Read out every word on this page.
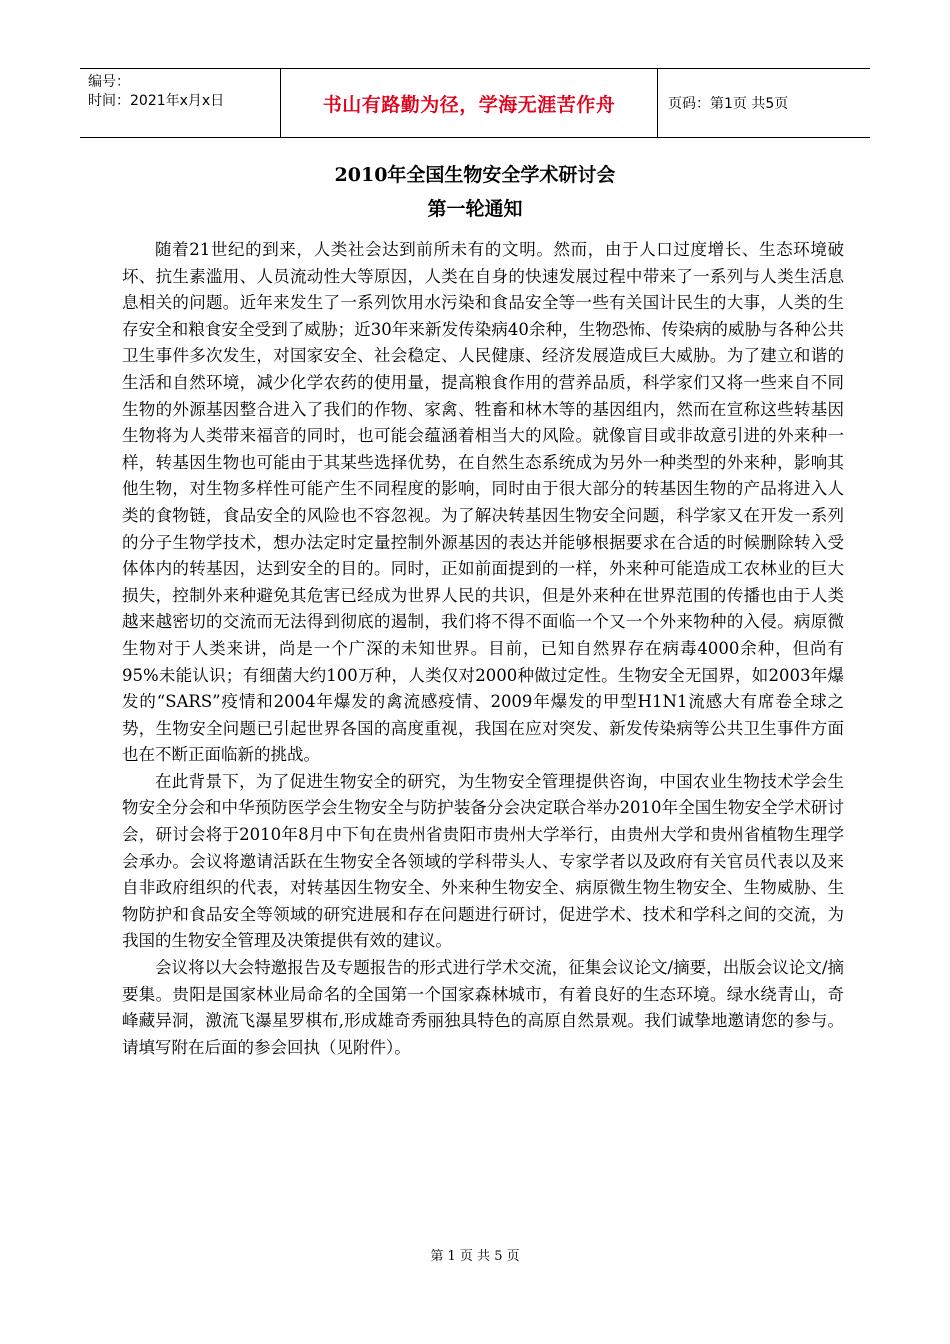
编号：
时间：2021年x月x日	书山有路勤为径，学海无涯苦作舟	页码：第1页 共5页
2010年全国生物安全学术研讨会
第一轮通知

随着21世纪的到来，人类社会达到前所未有的文明。然而，由于人口过度增长、生态环境破坏、抗生素滥用、人员流动性大等原因，人类在自身的快速发展过程中带来了一系列与人类生活息息相关的问题。近年来发生了一系列饮用水污染和食品安全等一些有关国计民生的大事，人类的生存安全和粮食安全受到了威胁；近30年来新发传染病40余种，生物恐怖、传染病的威胁与各种公共卫生事件多次发生，对国家安全、社会稳定、人民健康、经济发展造成巨大威胁。为了建立和谐的生活和自然环境，减少化学农药的使用量，提高粮食作用的营养品质，科学家们又将一些来自不同生物的外源基因整合进入了我们的作物、家禽、牲畜和林木等的基因组内，然而在宣称这些转基因生物将为人类带来福音的同时，也可能会蕴涵着相当大的风险。就像盲目或非故意引进的外来种一样，转基因生物也可能由于其某些选择优势，在自然生态系统成为另外一种类型的外来种，影响其他生物，对生物多样性可能产生不同程度的影响，同时由于很大部分的转基因生物的产品将进入人类的食物链，食品安全的风险也不容忽视。为了解决转基因生物安全问题，科学家又在开发一系列的分子生物学技术，想办法定时定量控制外源基因的表达并能够根据要求在合适的时候删除转入受体体内的转基因，达到安全的目的。同时，正如前面提到的一样，外来种可能造成工农林业的巨大损失，控制外来种避免其危害已经成为世界人民的共识，但是外来种在世界范围的传播也由于人类越来越密切的交流而无法得到彻底的遏制，我们将不得不面临一个又一个外来物种的入侵。病原微生物对于人类来讲，尚是一个广深的未知世界。目前，已知自然界存在病毒4000余种，但尚有95%未能认识；有细菌大约100万种，人类仅对2000种做过定性。生物安全无国界，如2003年爆发的“SARS”疫情和2004年爆发的禽流感疫情、2009年爆发的甲型H1N1流感大有席卷全球之势，生物安全问题已引起世界各国的高度重视，我国在应对突发、新发传染病等公共卫生事件方面也在不断正面临新的挑战。

在此背景下，为了促进生物安全的研究，为生物安全管理提供咨询，中国农业生物技术学会生物安全分会和中华预防医学会生物安全与防护装备分会决定联合举办2010年全国生物安全学术研讨会，研讨会将于2010年8月中下旬在贵州省贵阳市贵州大学举行，由贵州大学和贵州省植物生理学会承办。会议将邀请活跃在生物安全各领域的学科带头人、专家学者以及政府有关官员代表以及来自非政府组织的代表，对转基因生物安全、外来种生物安全、病原微生物生物安全、生物威胁、生物防护和食品安全等领域的研究进展和存在问题进行研讨，促进学术、技术和学科之间的交流，为我国的生物安全管理及决策提供有效的建议。

会议将以大会特邀报告及专题报告的形式进行学术交流，征集会议论文/摘要，出版会议论文/摘要集。贵阳是国家林业局命名的全国第一个国家森林城市，有着良好的生态环境。绿水绕青山，奇峰藏异洞，激流飞瀑星罗棋布,形成雄奇秀丽独具特色的高原自然景观。我们诚挚地邀请您的参与。请填写附在后面的参会回执（见附件）。

第 1 页 共 5 页
